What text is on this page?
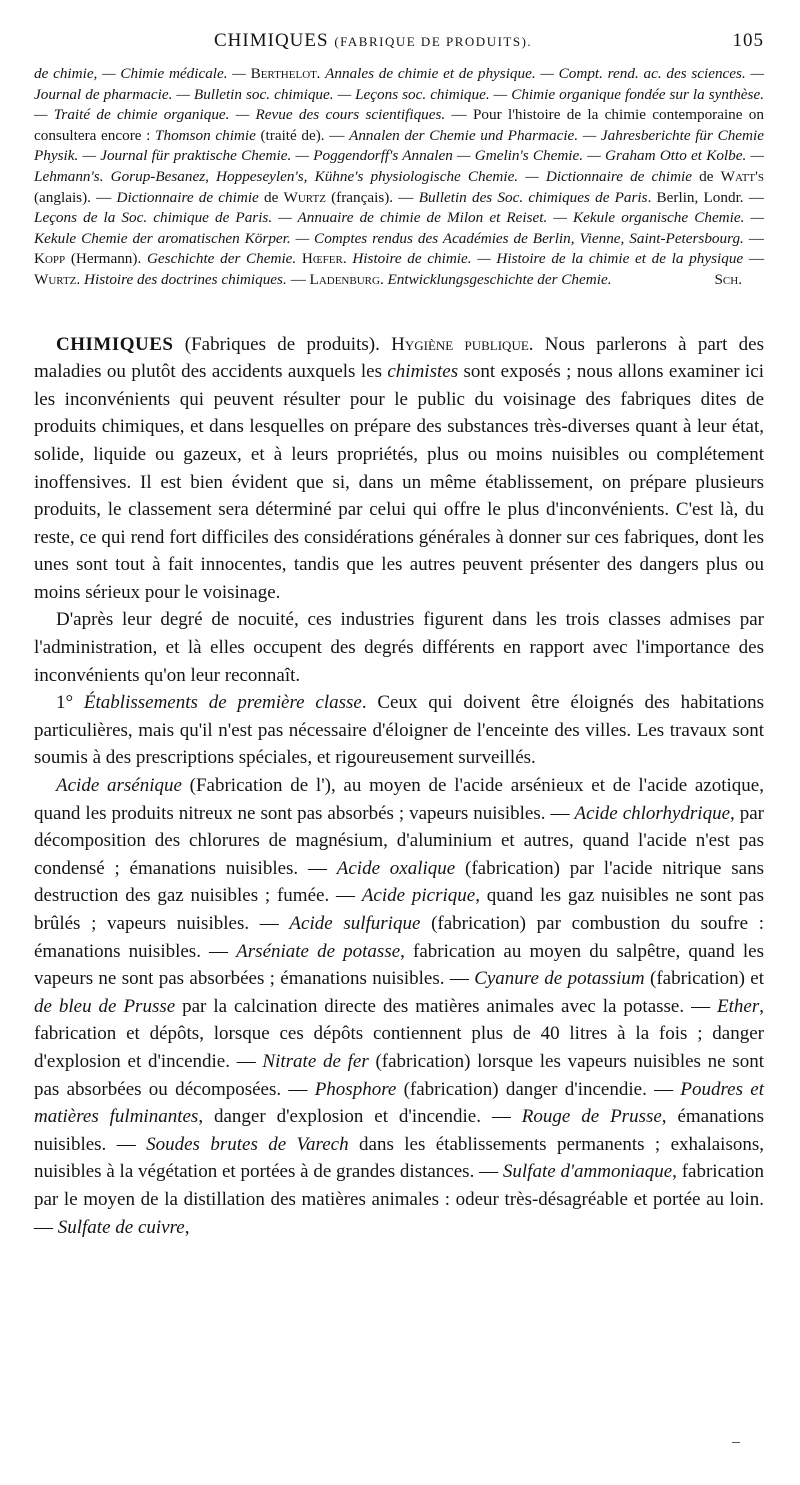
CHIMIQUES (FABRIQUE DE PRODUITS).	105
de chimie, — Chimie médicale. — Berthelot. Annales de chimie et de physique. — Compt. rend. ac. des sciences. — Journal de pharmacie. — Bulletin soc. chimique. — Leçons soc. chimique. — Chimie organique fondée sur la synthèse. — Traité de chimie organique. — Revue des cours scientifiques. — Pour l'histoire de la chimie contemporaine on consultera encore : Thomson chimie (traité de). — Annalen der Chemie und Pharmacie. — Jahresberichte für Chemie Physik. — Journal für praktische Chemie. — Poggendorff's Annalen — Gmelin's Chemie. — Graham Otto et Kolbe. — Lehmann's. Gorup-Besanez, Hoppeseylen's, Kühne's physiologische Chemie. — Dictionnaire de chimie de Watt's (anglais). — Dictionnaire de chimie de Wurtz (français). — Bulletin des Soc. chimiques de Paris. Berlin, Londr. — Leçons de la Soc. chimique de Paris. — Annuaire de chimie de Milon et Reiset. — Kekule organische Chemie. — Kekule Chemie der aromatischen Körper. — Comptes rendus des Académies de Berlin, Vienne, Saint-Petersbourg. — Kopp (Hermann). Geschichte der Chemie. Hœfer. Histoire de chimie. — Histoire de la chimie et de la physique — Wurtz. Histoire des doctrines chimiques. — Ladenburg. Entwicklungsgeschichte der Chemie.	Sch.

CHIMIQUES (Fabriques de produits). Hygiène publique. Nous parlerons à part des maladies ou plutôt des accidents auxquels les chimistes sont exposés ; nous allons examiner ici les inconvénients qui peuvent résulter pour le public du voisinage des fabriques dites de produits chimiques, et dans lesquelles on prépare des substances très-diverses quant à leur état, solide, liquide ou gazeux, et à leurs propriétés, plus ou moins nuisibles ou complétement inoffensives. Il est bien évident que si, dans un même établissement, on prépare plusieurs produits, le classement sera déterminé par celui qui offre le plus d'inconvénients. C'est là, du reste, ce qui rend fort difficiles des considérations générales à donner sur ces fabriques, dont les unes sont tout à fait innocentes, tandis que les autres peuvent présenter des dangers plus ou moins sérieux pour le voisinage.

D'après leur degré de nocuité, ces industries figurent dans les trois classes admises par l'administration, et là elles occupent des degrés différents en rapport avec l'importance des inconvénients qu'on leur reconnaît.

1° Établissements de première classe. Ceux qui doivent être éloignés des habitations particulières, mais qu'il n'est pas nécessaire d'éloigner de l'enceinte des villes. Les travaux sont soumis à des prescriptions spéciales, et rigoureusement surveillés.

Acide arsénique (Fabrication de l'), au moyen de l'acide arsénieux et de l'acide azotique, quand les produits nitreux ne sont pas absorbés ; vapeurs nuisibles. — Acide chlorhydrique, par décomposition des chlorures de magnésium, d'aluminium et autres, quand l'acide n'est pas condensé ; émanations nuisibles. — Acide oxalique (fabrication) par l'acide nitrique sans destruction des gaz nuisibles ; fumée. — Acide picrique, quand les gaz nuisibles ne sont pas brûlés ; vapeurs nuisibles. — Acide sulfurique (fabrication) par combustion du soufre : émanations nuisibles. — Arséniate de potasse, fabrication au moyen du salpêtre, quand les vapeurs ne sont pas absorbées ; émanations nuisibles. — Cyanure de potassium (fabrication) et de bleu de Prusse par la calcination directe des matières animales avec la potasse. — Ether, fabrication et dépôts, lorsque ces dépôts contiennent plus de 40 litres à la fois ; danger d'explosion et d'incendie. — Nitrate de fer (fabrication) lorsque les vapeurs nuisibles ne sont pas absorbées ou décomposées. — Phosphore (fabrication) danger d'incendie. — Poudres et matières fulminantes, danger d'explosion et d'incendie. — Rouge de Prusse, émanations nuisibles. — Soudes brutes de Varech dans les établissements permanents ; exhalaisons, nuisibles à la végétation et portées à de grandes distances. — Sulfate d'ammoniaque, fabrication par le moyen de la distillation des matières animales : odeur très-désagréable et portée au loin. — Sulfate de cuivre,
